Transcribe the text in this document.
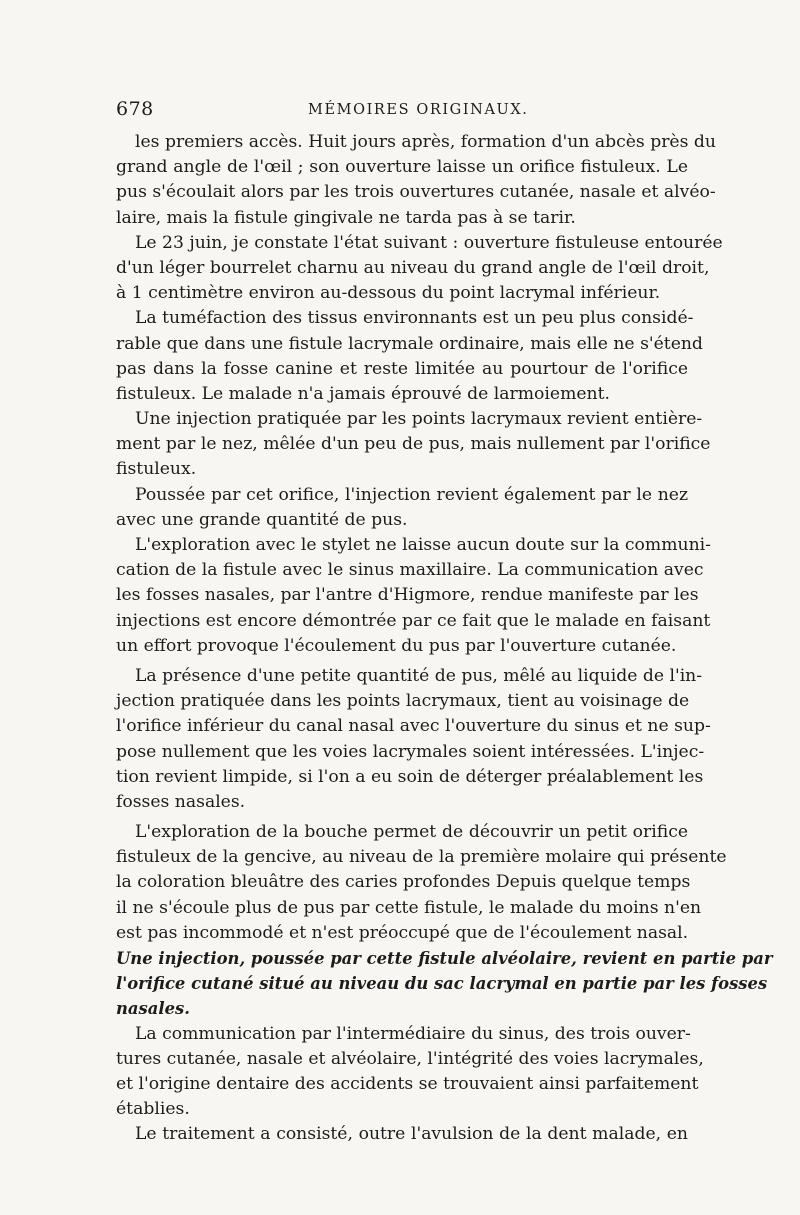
678	MÉMOIRES ORIGINAUX.
les premiers accès. Huit jours après, formation d'un abcès près du
grand angle de l'œil ; son ouverture laisse un orifice fistuleux. Le
pus s'écoulait alors par les trois ouvertures cutanée, nasale et alvéo-
laire, mais la fistule gingivale ne tarda pas à se tarir.
Le 23 juin, je constate l'état suivant : ouverture fistuleuse entourée
d'un léger bourrelet charnu au niveau du grand angle de l'œil droit,
à 1 centimètre environ au-dessous du point lacrymal inférieur.
La tuméfaction des tissus environnants est un peu plus considé-
rable que dans une fistule lacrymale ordinaire, mais elle ne s'étend
pas dans la fosse canine et reste limitée au pourtour de l'orifice
fistuleux. Le malade n'a jamais éprouvé de larmoiement.
Une injection pratiquée par les points lacrymaux revient entière-
ment par le nez, mêlée d'un peu de pus, mais nullement par l'orifice
fistuleux.
Poussée par cet orifice, l'injection revient également par le nez
avec une grande quantité de pus.
L'exploration avec le stylet ne laisse aucun doute sur la communi-
cation de la fistule avec le sinus maxillaire. La communication avec
les fosses nasales, par l'antre d'Higmore, rendue manifeste par les
injections est encore démontrée par ce fait que le malade en faisant
un effort provoque l'écoulement du pus par l'ouverture cutanée.
La présence d'une petite quantité de pus, mêlé au liquide de l'in-
jection pratiquée dans les points lacrymaux, tient au voisinage de
l'orifice inférieur du canal nasal avec l'ouverture du sinus et ne sup-
pose nullement que les voies lacrymales soient intéressées. L'injec-
tion revient limpide, si l'on a eu soin de déterger préalablement les
fosses nasales.
L'exploration de la bouche permet de découvrir un petit orifice
fistuleux de la gencive, au niveau de la première molaire qui présente
la coloration bleuâtre des caries profondes Depuis quelque temps
il ne s'écoule plus de pus par cette fistule, le malade du moins n'en
est pas incommodé et n'est préoccupé que de l'écoulement nasal.
Une injection, poussée par cette fistule alvéolaire, revient en partie par
l'orifice cutané situé au niveau du sac lacrymal en partie par les fosses
nasales.
La communication par l'intermédiaire du sinus, des trois ouver-
tures cutanée, nasale et alvéolaire, l'intégrité des voies lacrymales,
et l'origine dentaire des accidents se trouvaient ainsi parfaitement
établies.
Le traitement a consisté, outre l'avulsion de la dent malade, en
